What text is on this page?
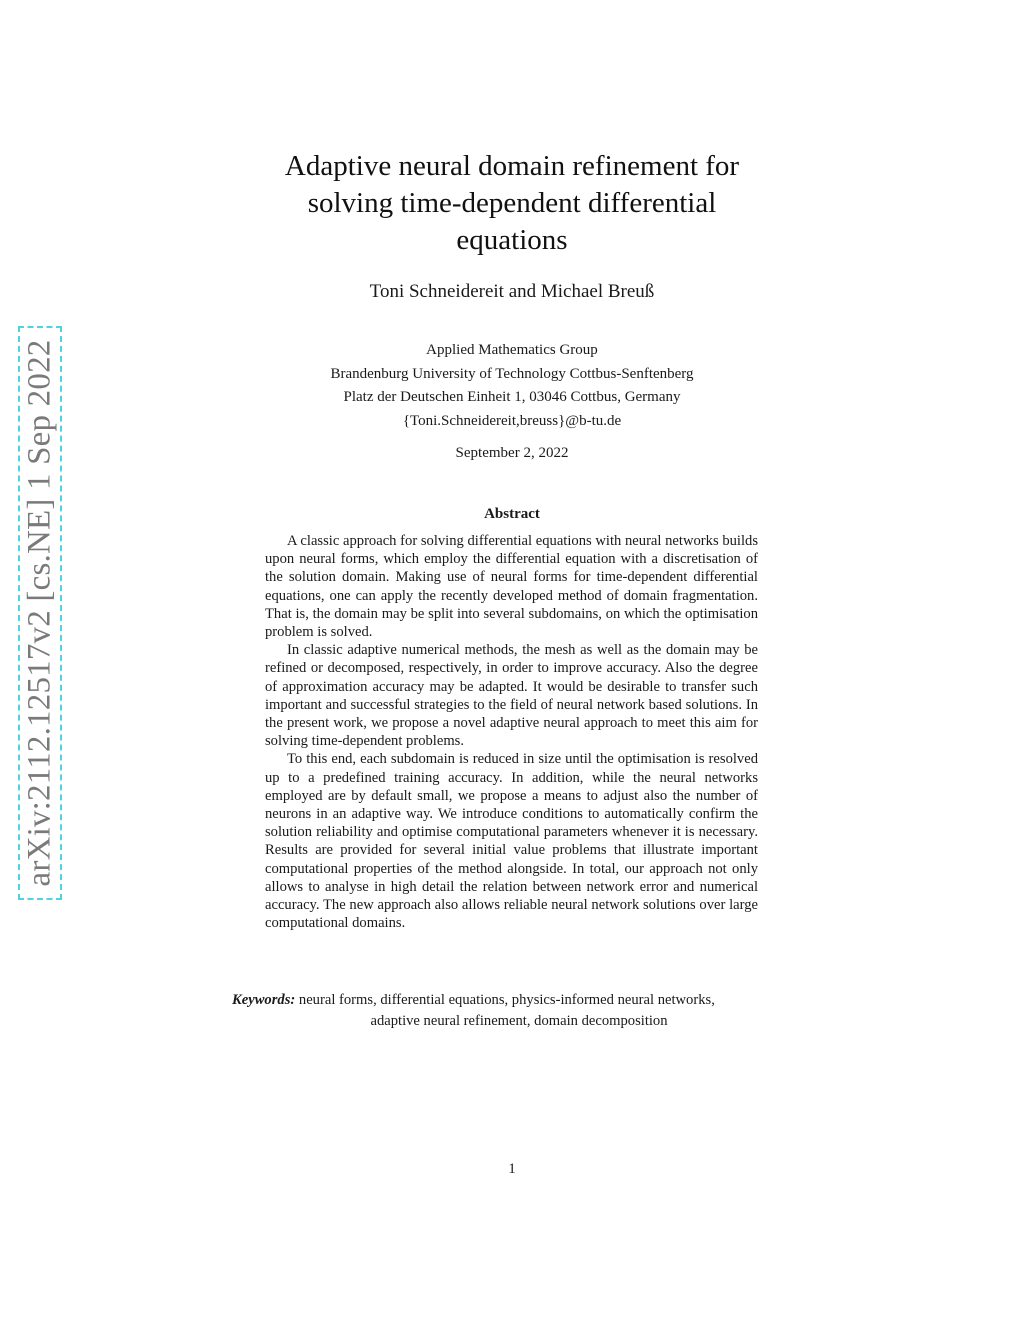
arXiv:2112.12517v2 [cs.NE] 1 Sep 2022
Adaptive neural domain refinement for
solving time-dependent differential
equations
Toni Schneidereit and Michael Breuß
Applied Mathematics Group
Brandenburg University of Technology Cottbus-Senftenberg
Platz der Deutschen Einheit 1, 03046 Cottbus, Germany
{Toni.Schneidereit,breuss}@b-tu.de
September 2, 2022
Abstract

A classic approach for solving differential equations with neural networks builds upon neural forms, which employ the differential equation with a discretisation of the solution domain. Making use of neural forms for time-dependent differential equations, one can apply the recently developed method of domain fragmentation. That is, the domain may be split into several subdomains, on which the optimisation problem is solved.

In classic adaptive numerical methods, the mesh as well as the domain may be refined or decomposed, respectively, in order to improve accuracy. Also the degree of approximation accuracy may be adapted. It would be desirable to transfer such important and successful strategies to the field of neural network based solutions. In the present work, we propose a novel adaptive neural approach to meet this aim for solving time-dependent problems.

To this end, each subdomain is reduced in size until the optimisation is resolved up to a predefined training accuracy. In addition, while the neural networks employed are by default small, we propose a means to adjust also the number of neurons in an adaptive way. We introduce conditions to automatically confirm the solution reliability and optimise computational parameters whenever it is necessary. Results are provided for several initial value problems that illustrate important computational properties of the method alongside. In total, our approach not only allows to analyse in high detail the relation between network error and numerical accuracy. The new approach also allows reliable neural network solutions over large computational domains.

Keywords: neural forms, differential equations, physics-informed neural networks,
adaptive neural refinement, domain decomposition
1
